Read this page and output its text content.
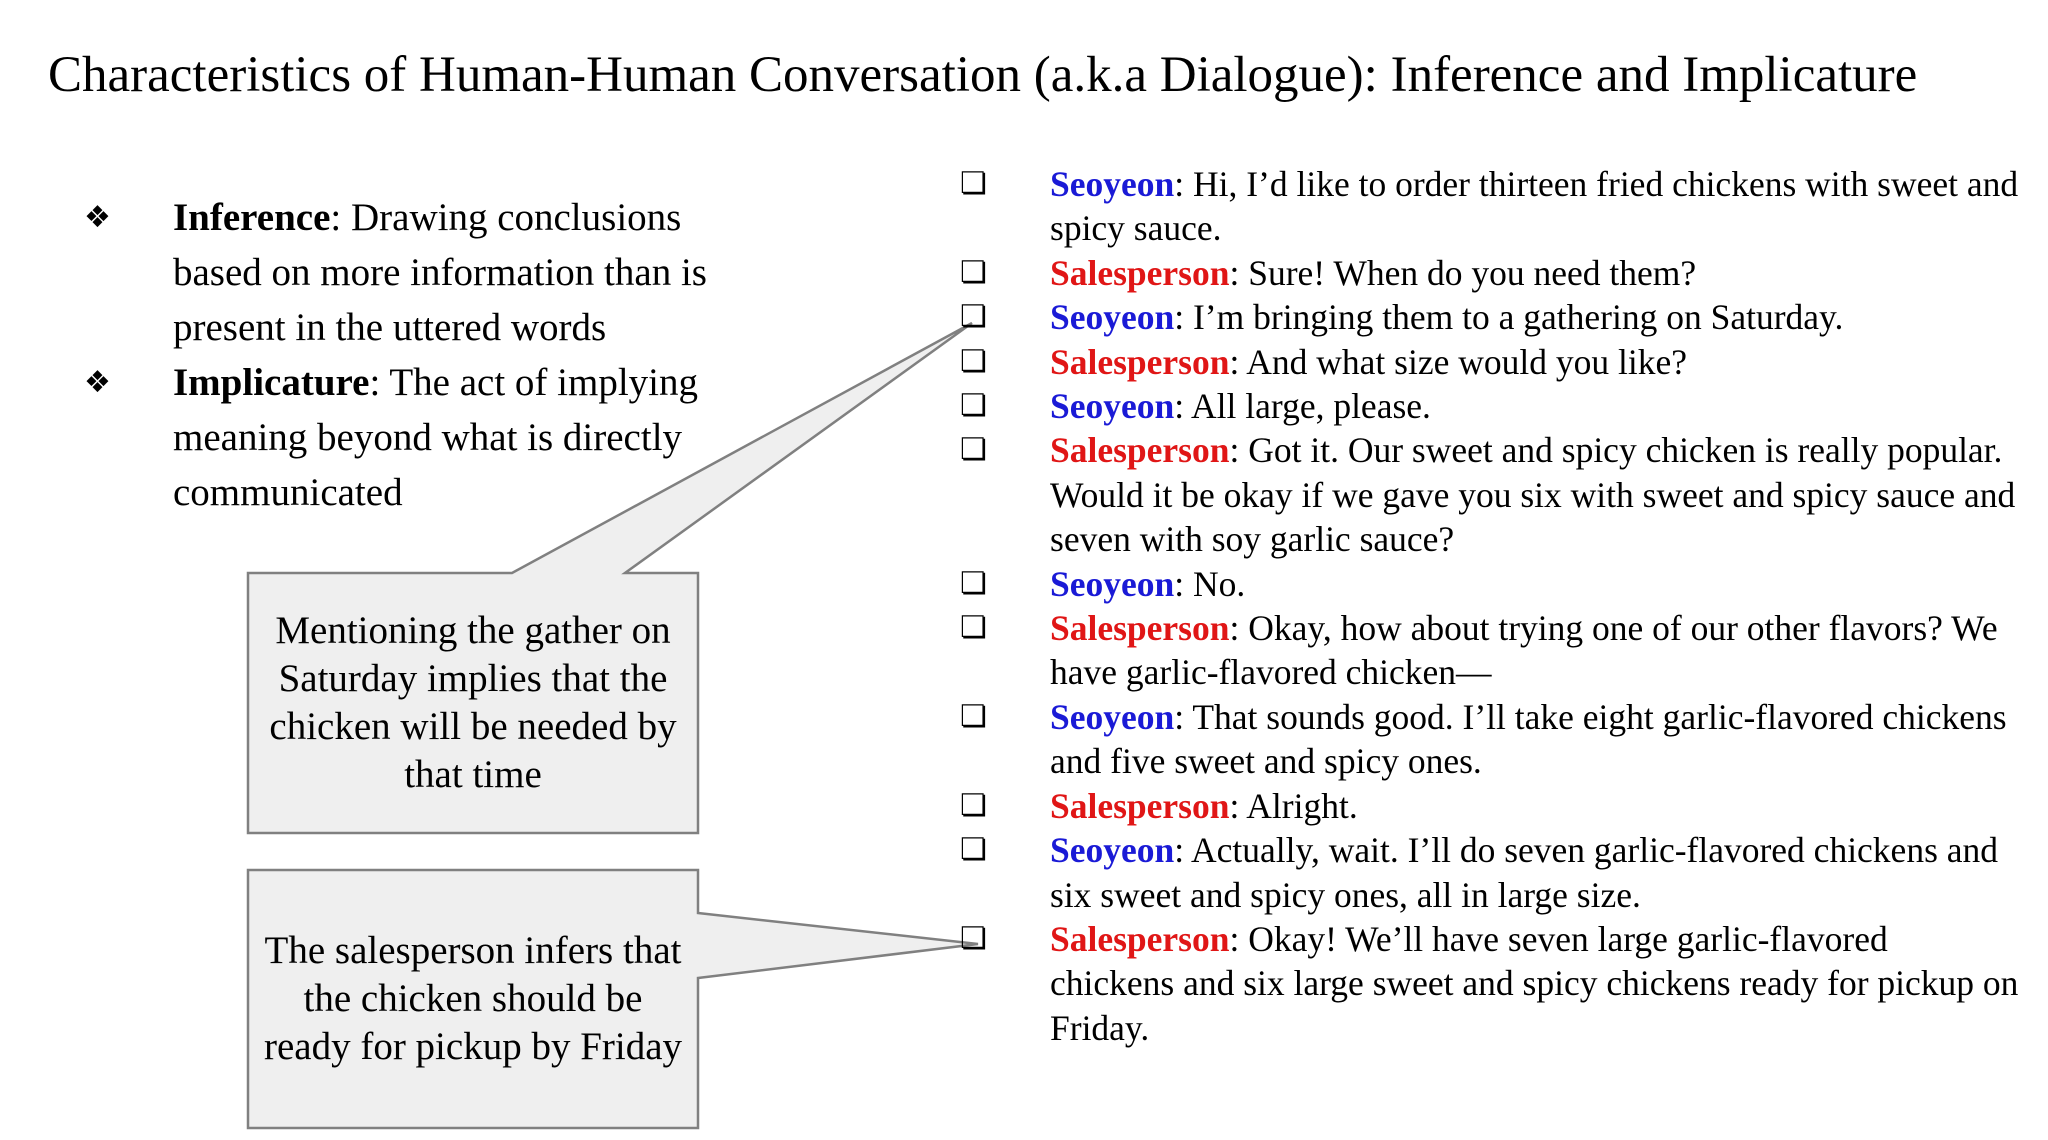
Characteristics of Human-Human Conversation (a.k.a Dialogue): Inference and Implicature
❖ Inference: Drawing conclusions based on more information than is present in the uttered words
❖ Implicature: The act of implying meaning beyond what is directly communicated
Mentioning the gather on Saturday implies that the chicken will be needed by that time
The salesperson infers that the chicken should be ready for pickup by Friday
❏ Seoyeon: Hi, I’d like to order thirteen fried chickens with sweet and spicy sauce.
❏ Salesperson: Sure! When do you need them?
❏ Seoyeon: I’m bringing them to a gathering on Saturday.
❏ Salesperson: And what size would you like?
❏ Seoyeon: All large, please.
❏ Salesperson: Got it. Our sweet and spicy chicken is really popular. Would it be okay if we gave you six with sweet and spicy sauce and seven with soy garlic sauce?
❏ Seoyeon: No.
❏ Salesperson: Okay, how about trying one of our other flavors? We have garlic-flavored chicken—
❏ Seoyeon: That sounds good. I’ll take eight garlic-flavored chickens and five sweet and spicy ones.
❏ Salesperson: Alright.
❏ Seoyeon: Actually, wait. I’ll do seven garlic-flavored chickens and six sweet and spicy ones, all in large size.
❏ Salesperson: Okay! We’ll have seven large garlic-flavored chickens and six large sweet and spicy chickens ready for pickup on Friday.
